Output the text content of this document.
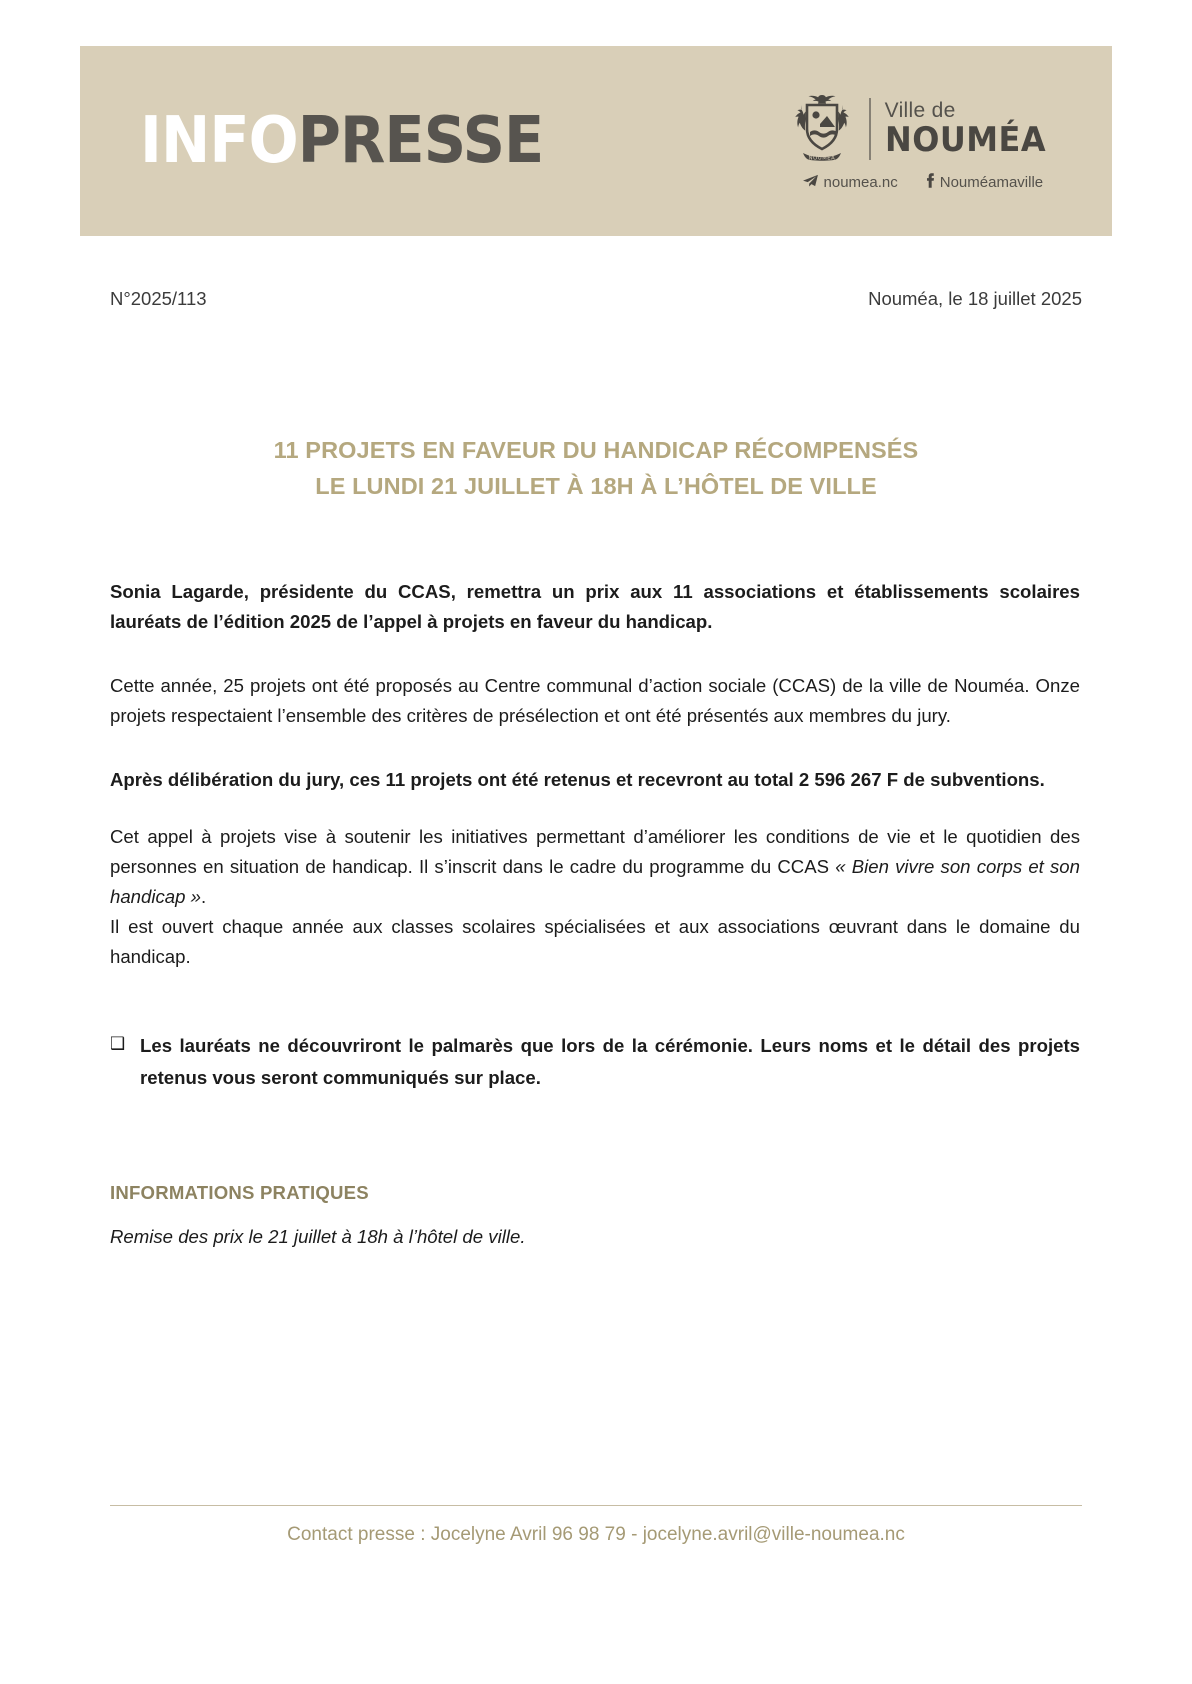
INFOPRESSE	NOUMEA
Ville de
NOUMÉA
noumea.nc	Nouméamaville
N°2025/113	Nouméa, le 18 juillet 2025
11 PROJETS EN FAVEUR DU HANDICAP RÉCOMPENSÉS
LE LUNDI 21 JUILLET À 18H À L’HÔTEL DE VILLE

Sonia Lagarde, présidente du CCAS, remettra un prix aux 11 associations et établissements scolaires lauréats de l’édition 2025 de l’appel à projets en faveur du handicap.

Cette année, 25 projets ont été proposés au Centre communal d’action sociale (CCAS) de la ville de Nouméa. Onze projets respectaient l’ensemble des critères de présélection et ont été présentés aux membres du jury.

Après délibération du jury, ces 11 projets ont été retenus et recevront au total 2 596 267 F de subventions.

Cet appel à projets vise à soutenir les initiatives permettant d’améliorer les conditions de vie et le quotidien des personnes en situation de handicap. Il s’inscrit dans le cadre du programme du CCAS « Bien vivre son corps et son handicap ».

Il est ouvert chaque année aux classes scolaires spécialisées et aux associations œuvrant dans le domaine du handicap.

❑ Les lauréats ne découvriront le palmarès que lors de la cérémonie. Leurs noms et le détail des projets retenus vous seront communiqués sur place.

INFORMATIONS PRATIQUES

Remise des prix le 21 juillet à 18h à l’hôtel de ville.

Contact presse : Jocelyne Avril 96 98 79 - jocelyne.avril@ville-noumea.nc
